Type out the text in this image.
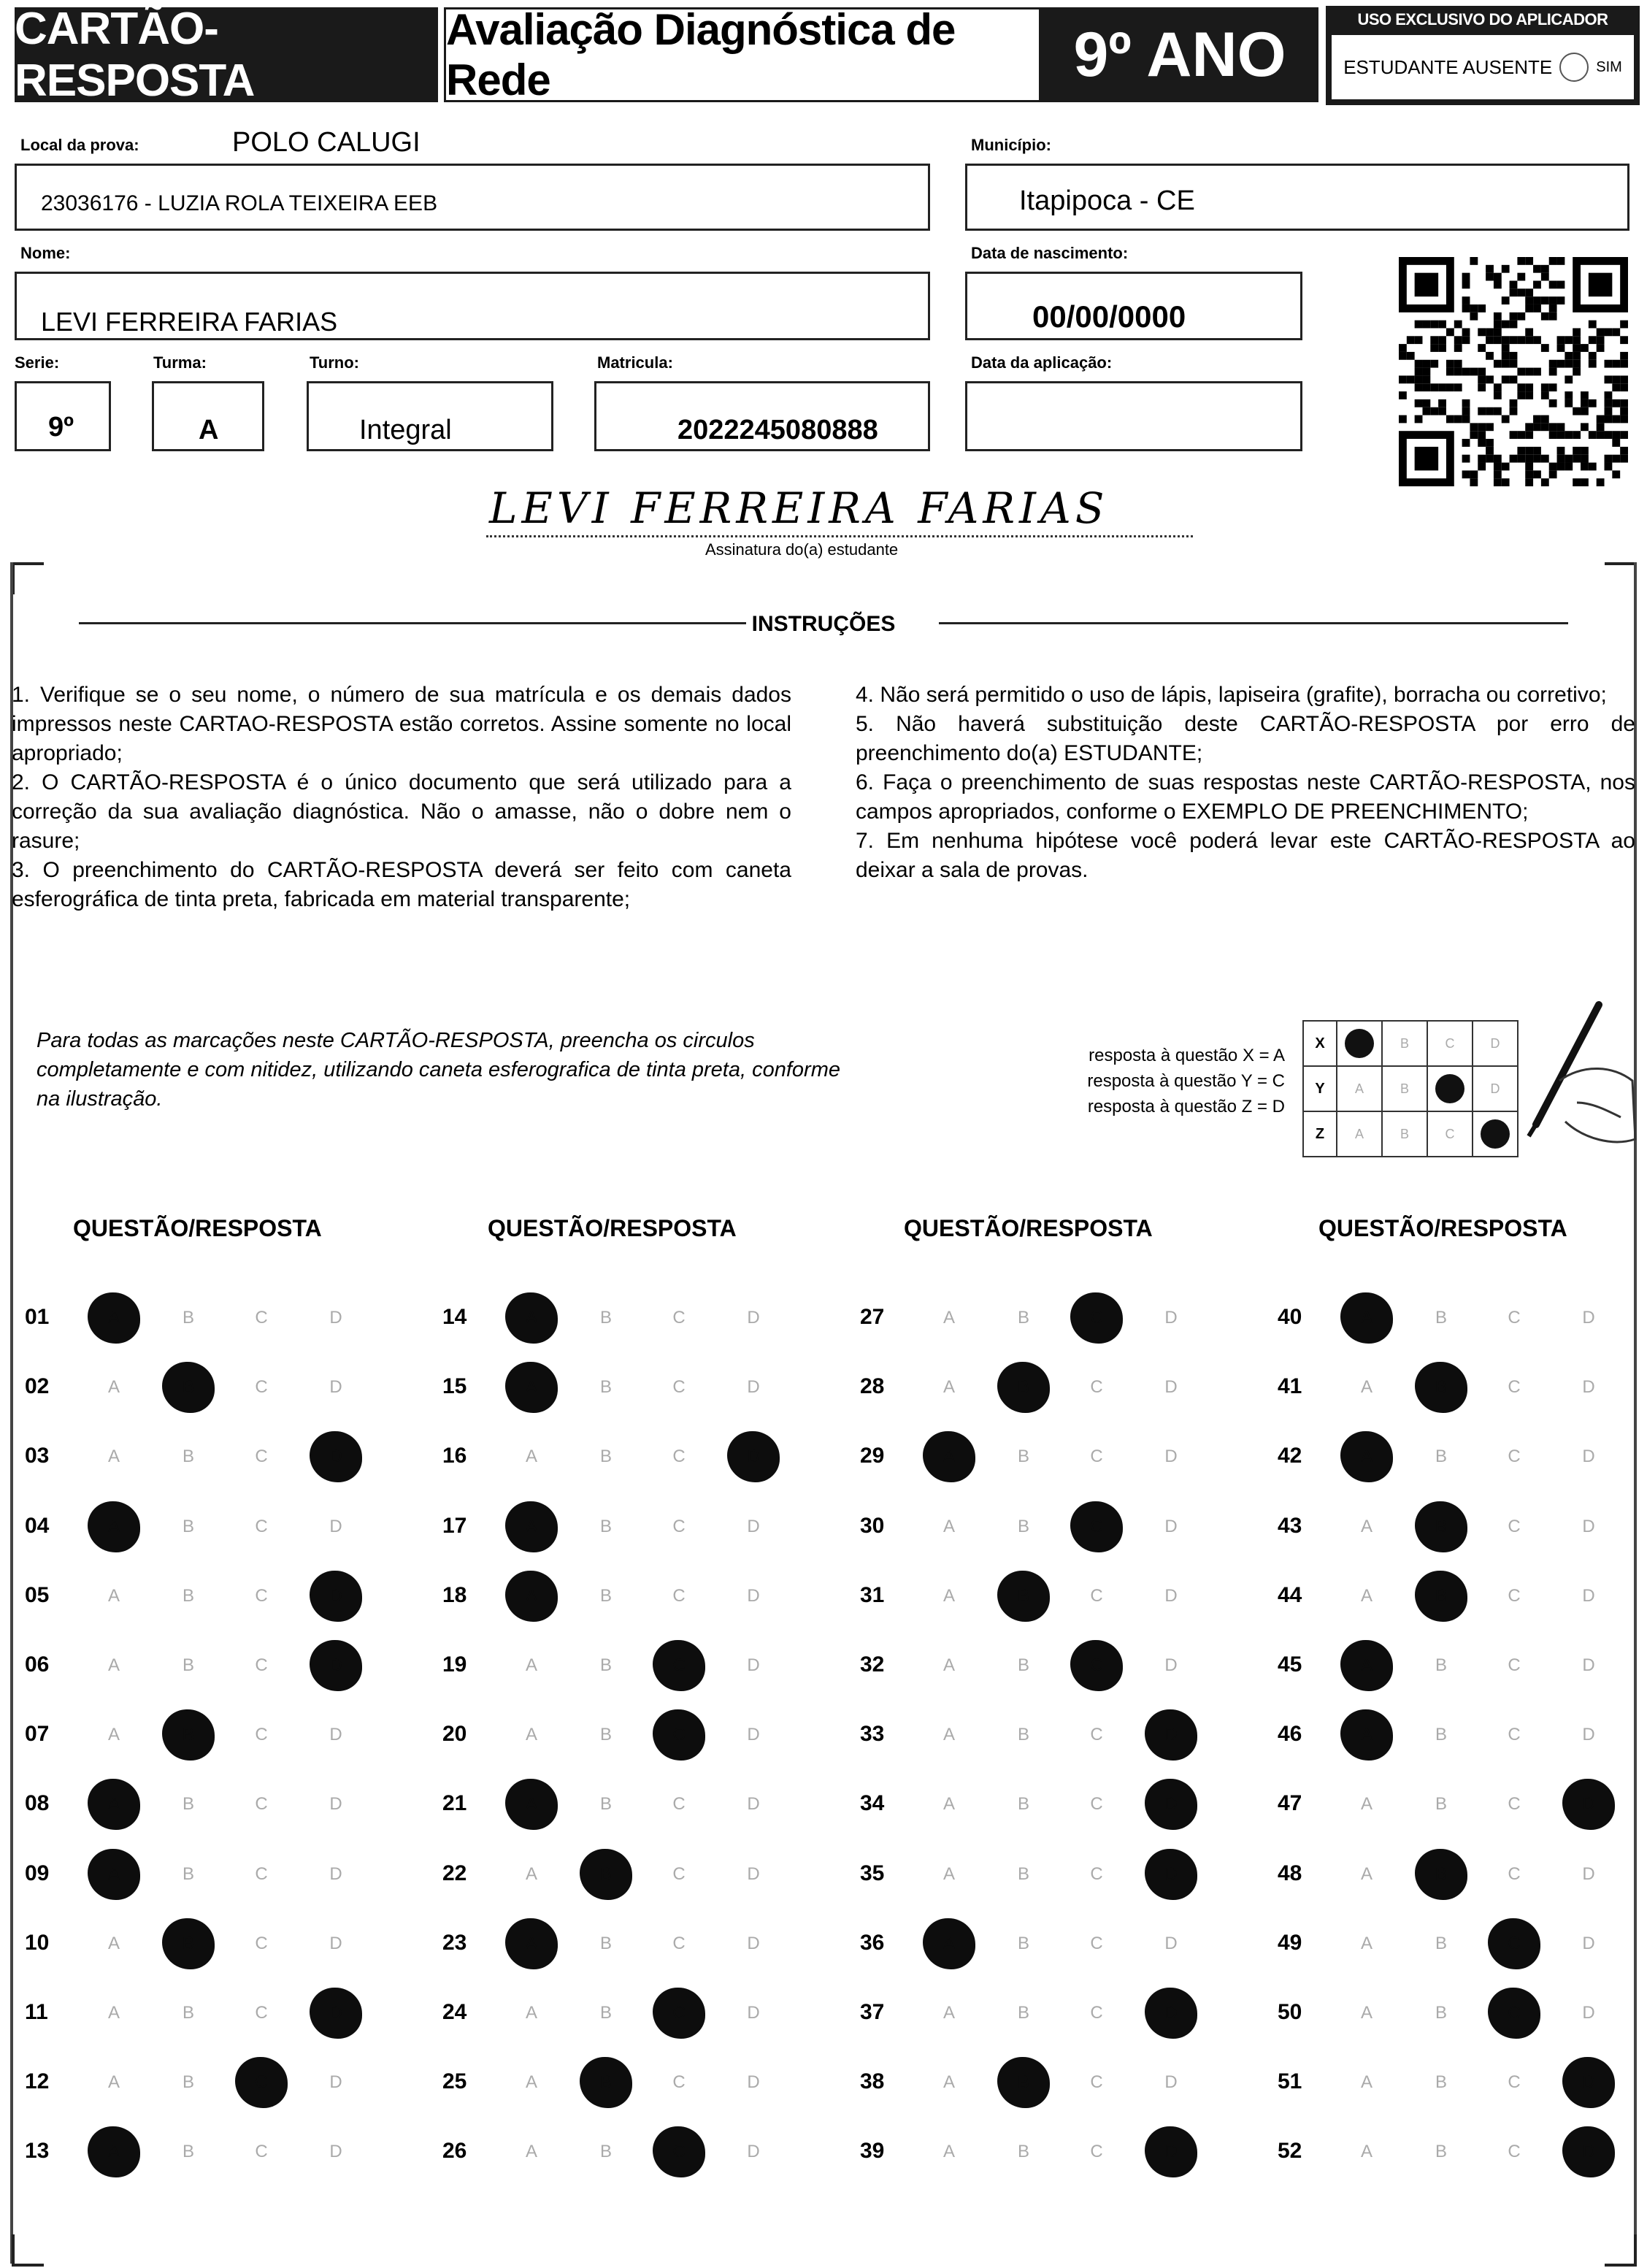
CARTÃO-RESPOSTA
Avaliação Diagnóstica de Rede	9º ANO	USO EXCLUSIVO DO APLICADOR
ESTUDANTE AUSENTE	SIM
Local da prova:	POLO CALUGI
23036176 - LUZIA ROLA TEIXEIRA EEB
Município:
Itapipoca - CE
Nome:
LEVI FERREIRA FARIAS
Data de nascimento:
00/00/0000
Serie:
9º
Turma:
A
Turno:
Integral
Matricula:
2022245080888
Data da aplicação:
LEVI FERREIRA FARIAS
Assinatura do(a) estudante
INSTRUÇÕES

1. Verifique se o seu nome, o número de sua matrícula e os demais dados impressos neste CARTAO-RESPOSTA estão corretos. Assine somente no local apropriado;

2. O CARTÃO-RESPOSTA é o único documento que será utilizado para a correção da sua avaliação diagnóstica. Não o amasse, não o dobre nem o rasure;

3. O preenchimento do CARTÃO-RESPOSTA deverá ser feito com caneta esferográfica de tinta preta, fabricada em material transparente;

4. Não será permitido o uso de lápis, lapiseira (grafite), borracha ou corretivo;

5. Não haverá substituição deste CARTÃO-RESPOSTA por erro de preenchimento do(a) ESTUDANTE;

6. Faça o preenchimento de suas respostas neste CARTÃO-RESPOSTA, nos campos apropriados, conforme o EXEMPLO DE PREENCHIMENTO;

7. Em nenhuma hipótese você poderá levar este CARTÃO-RESPOSTA ao deixar a sala de provas.

Para todas as marcações neste CARTÃO-RESPOSTA, preencha os circulos completamente e com nitidez, utilizando caneta esferografica de tinta preta, conforme na ilustração.
resposta à questão X = A
resposta à questão Y = C
resposta à questão Z = D
X		B	C	D
Y	A	B		D
Z	A	B	C	
QUESTÃO/RESPOSTA	QUESTÃO/RESPOSTA	QUESTÃO/RESPOSTA	QUESTÃO/RESPOSTA
01	A	B	C	D
02	A	B	C	D
03	A	B	C	D
04	A	B	C	D
05	A	B	C	D
06	A	B	C	D
07	A	B	C	D
08	A	B	C	D
09	A	B	C	D
10	A	B	C	D
11	A	B	C	D
12	A	B	C	D
13	A	B	C	D
14	A	B	C	D
15	A	B	C	D
16	A	B	C	D
17	A	B	C	D
18	A	B	C	D
19	A	B	C	D
20	A	B	C	D
21	A	B	C	D
22	A	B	C	D
23	A	B	C	D
24	A	B	C	D
25	A	B	C	D
26	A	B	C	D
27	A	B	C	D
28	A	B	C	D
29	A	B	C	D
30	A	B	C	D
31	A	B	C	D
32	A	B	C	D
33	A	B	C	D
34	A	B	C	D
35	A	B	C	D
36	A	B	C	D
37	A	B	C	D
38	A	B	C	D
39	A	B	C	D
40	A	B	C	D
41	A	B	C	D
42	A	B	C	D
43	A	B	C	D
44	A	B	C	D
45	A	B	C	D
46	A	B	C	D
47	A	B	C	D
48	A	B	C	D
49	A	B	C	D
50	A	B	C	D
51	A	B	C	D
52	A	B	C	D
